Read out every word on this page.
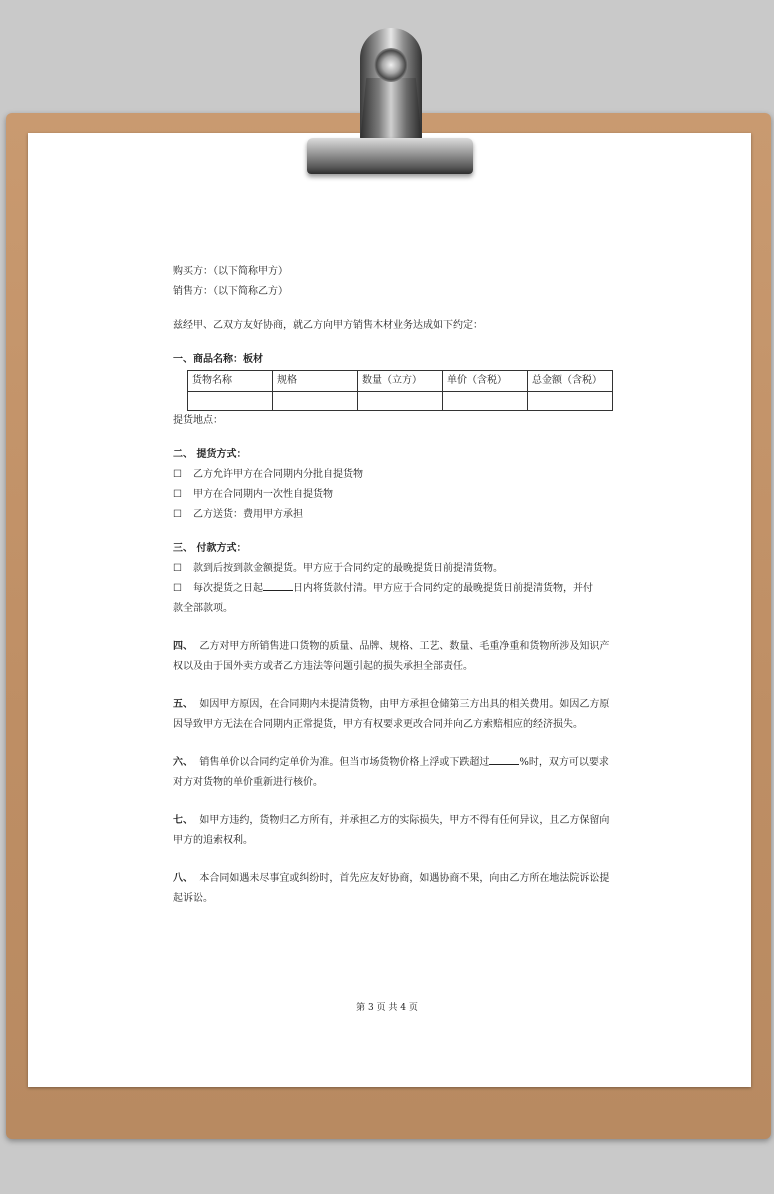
购买方：（以下简称甲方）

销售方：（以下简称乙方）

兹经甲、乙双方友好协商，就乙方向甲方销售木材业务达成如下约定：

一、商品名称：板材

货物名称	规格	数量（立方）	单价（含税）	总金额（含税）

提货地点：

二、 提货方式：

☐ 乙方允许甲方在合同期内分批自提货物

☐ 甲方在合同期内一次性自提货物

☐ 乙方送货：费用甲方承担

三、 付款方式：

☐ 款到后按到款金额提货。甲方应于合同约定的最晚提货日前提清货物。

☐ 每次提货之日起	日内将货款付清。甲方应于合同约定的最晚提货日前提清货物，并付

款全部款项。

四、 乙方对甲方所销售进口货物的质量、品牌、规格、工艺、数量、毛重净重和货物所涉及知识产权以及由于国外卖方或者乙方违法等问题引起的损失承担全部责任。

五、 如因甲方原因，在合同期内未提清货物，由甲方承担仓储第三方出具的相关费用。如因乙方原因导致甲方无法在合同期内正常提货，甲方有权要求更改合同并向乙方索赔相应的经济损失。

六、 销售单价以合同约定单价为准。但当市场货物价格上浮或下跌超过	%时，双方可以要求对方对货物的单价重新进行核价。

七、 如甲方违约，货物归乙方所有，并承担乙方的实际损失，甲方不得有任何异议，且乙方保留向甲方的追索权利。

八、 本合同如遇未尽事宜或纠纷时，首先应友好协商，如遇协商不果，向由乙方所在地法院诉讼提起诉讼。

第 3 页 共 4 页
